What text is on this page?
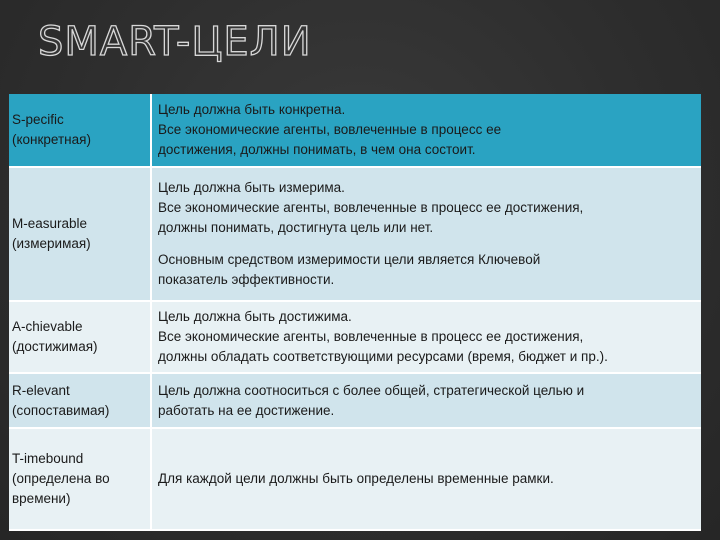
SMART-ЦЕЛИ
S-pecific
(конкретная)
Цель должна быть конкретна.
Все экономические агенты, вовлеченные в процесс ее
достижения, должны понимать, в чем она состоит.
M-easurable
(измеримая)
Цель должна быть измерима.
Все экономические агенты, вовлеченные в процесс ее достижения,
должны понимать, достигнута цель или нет.
Основным средством измеримости цели является Ключевой
показатель эффективности.
A-chievable
(достижимая)
Цель должна быть достижима.
Все экономические агенты, вовлеченные в процесс ее достижения,
должны обладать соответствующими ресурсами (время, бюджет и пр.).
R-elevant
(сопоставимая)
Цель должна соотноситься с более общей, стратегической целью и
работать на ее достижение.
T-imebound
(определена во
времени)
Для каждой цели должны быть определены временные рамки.
